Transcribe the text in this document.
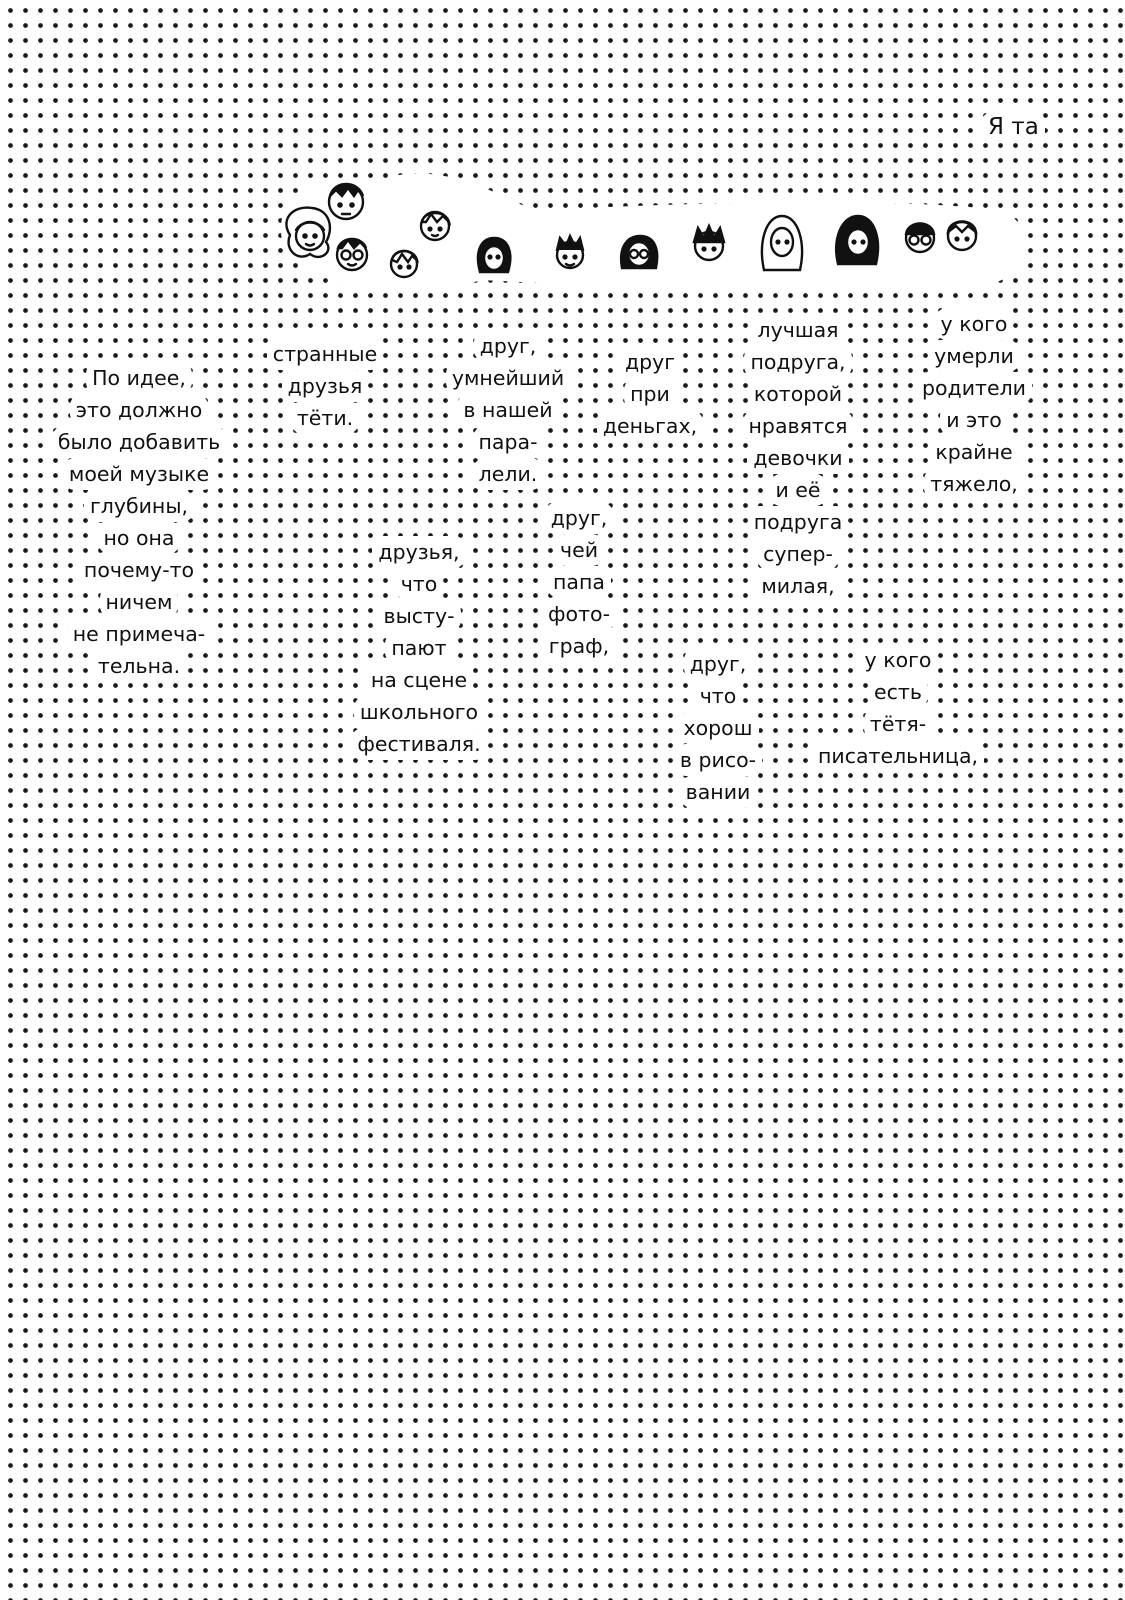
Я та
По идее,
это должно
было добавить
моей музыке
глубины,
но она
почему-то
ничем
не примеча-
тельна.
странные
друзья
тёти.
друг,
умнейший
в нашей
пара-
лели.
друг
при
деньгах,
лучшая
подруга,
которой
нравятся
девочки
и её
подруга
супер-
милая,
у кого
умерли
родители
и это
крайне
тяжело,
друзья,
что
высту-
пают
на сцене
школьного
фестиваля.
друг,
чей
папа
фото-
граф,
друг,
что
хорош
в рисо-
вании
у кого
есть
тётя-
писательница,
